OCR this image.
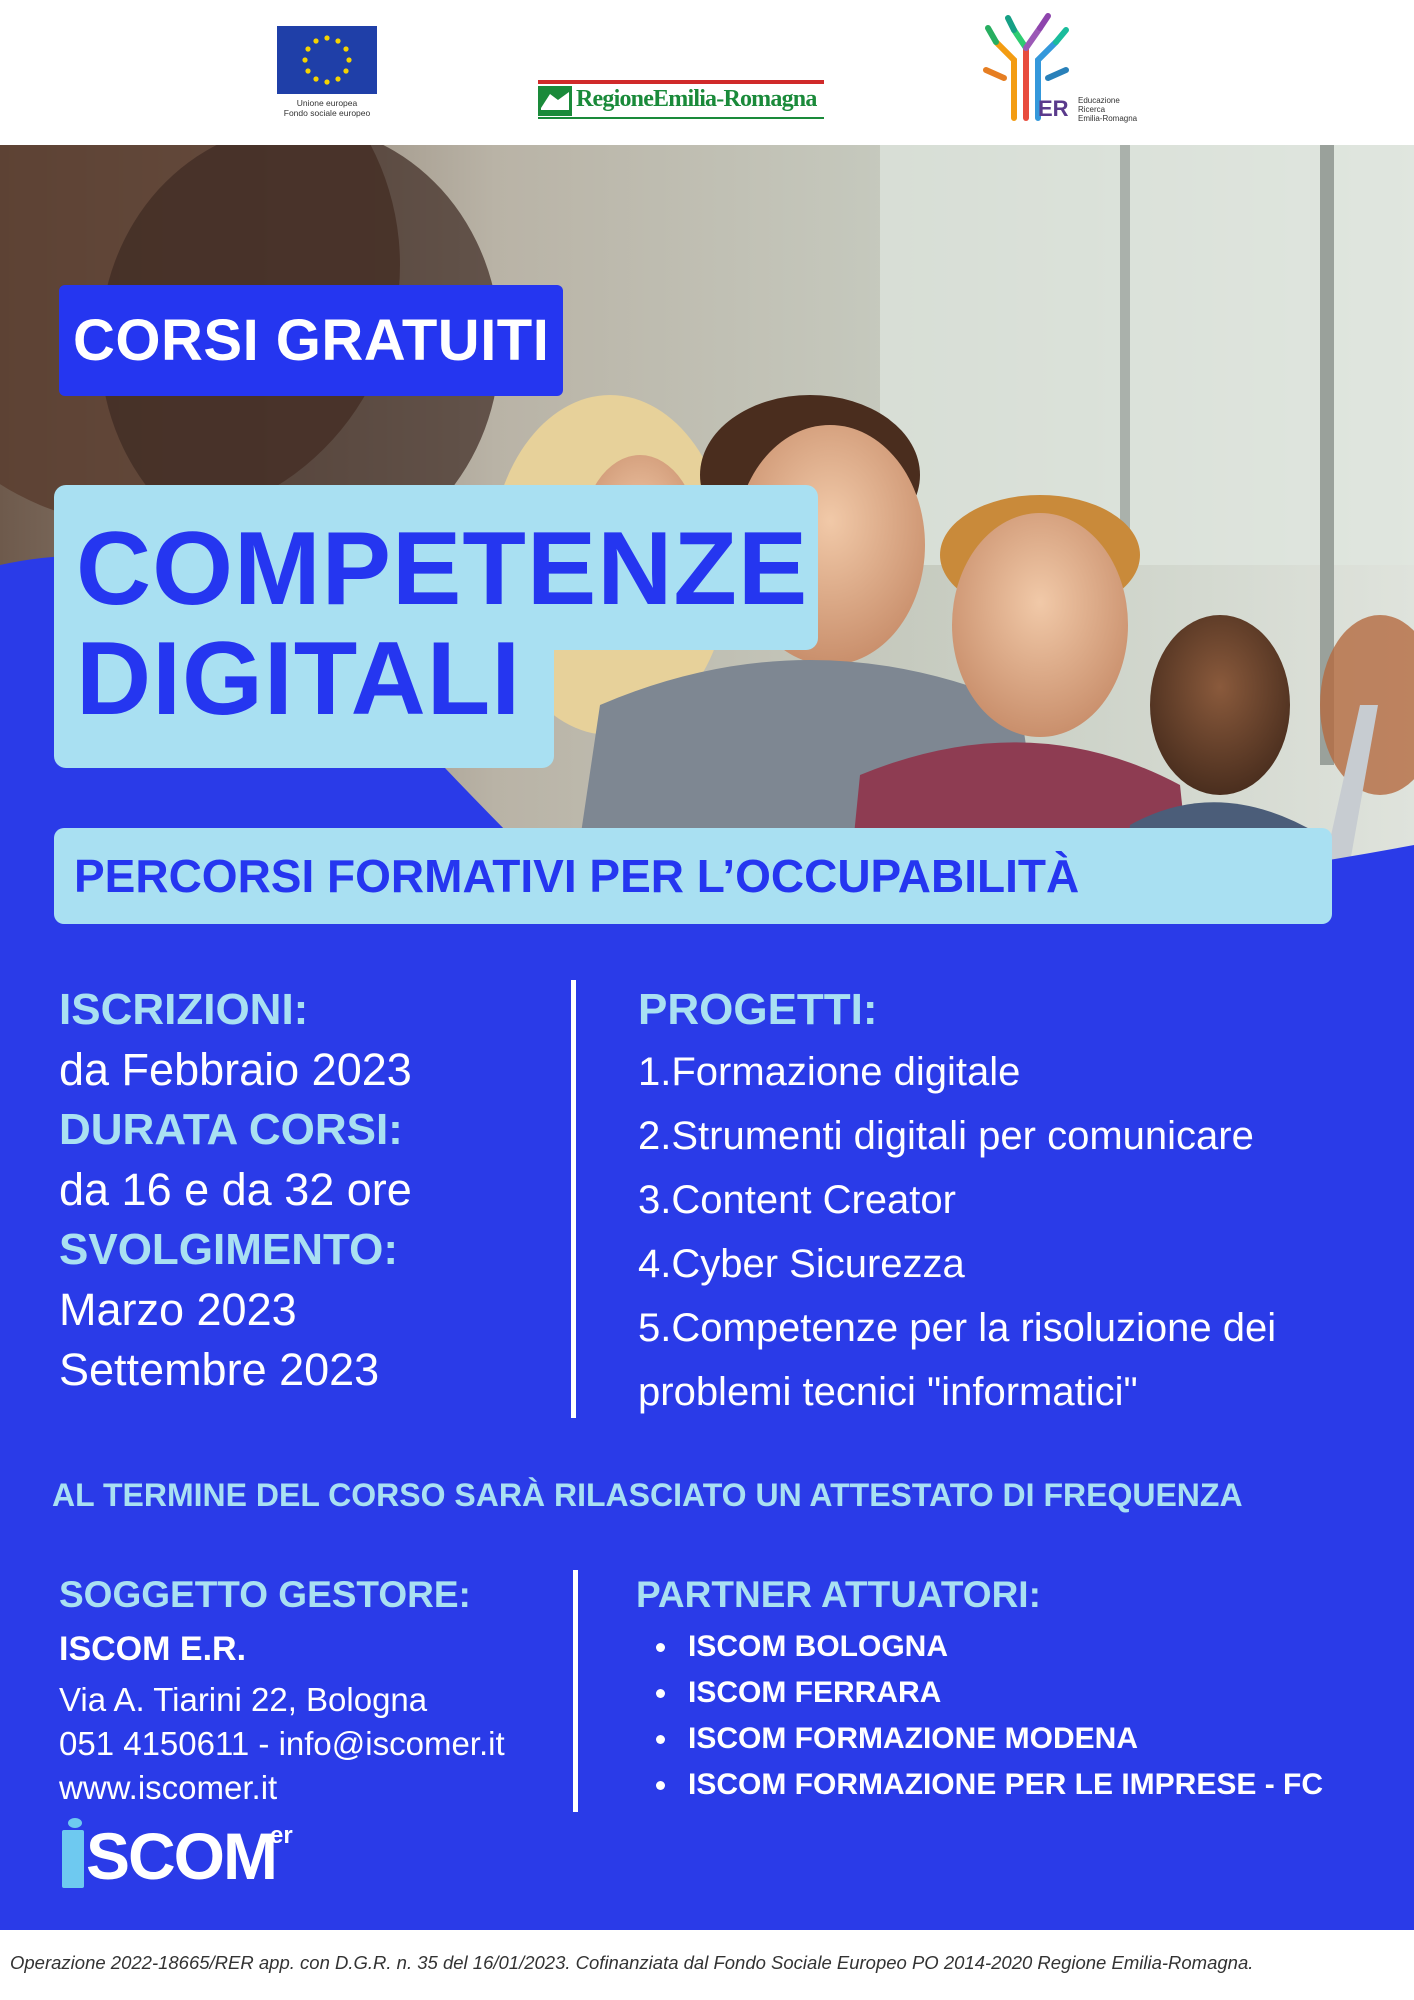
Unione europea
Fondo sociale europeo
RegioneEmilia-Romagna	ER Educazione
Ricerca
Emilia-Romagna
CORSI GRATUITI
COMPETENZE
DIGITALI
PERCORSI FORMATIVI PER L’OCCUPABILITÀ
ISCRIZIONI:
da Febbraio 2023
DURATA CORSI:
da 16 e da 32 ore
SVOLGIMENTO:
Marzo 2023
Settembre 2023
PROGETTI:
1.Formazione digitale
2.Strumenti digitali per comunicare
3.Content Creator
4.Cyber Sicurezza
5.Competenze per la risoluzione dei
problemi tecnici "informatici"
AL TERMINE DEL CORSO SARÀ RILASCIATO UN ATTESTATO DI FREQUENZA
SOGGETTO GESTORE:
ISCOM E.R.
Via A. Tiarini 22, Bologna
051 4150611 - info@iscomer.it
www.iscomer.it
PARTNER ATTUATORI:
ISCOM BOLOGNA
ISCOM FERRARA
ISCOM FORMAZIONE MODENA
ISCOM FORMAZIONE PER LE IMPRESE - FC
SCOM
er
Operazione 2022-18665/RER app. con D.G.R. n. 35 del 16/01/2023. Cofinanziata dal Fondo Sociale Europeo PO 2014-2020 Regione Emilia-Romagna.
